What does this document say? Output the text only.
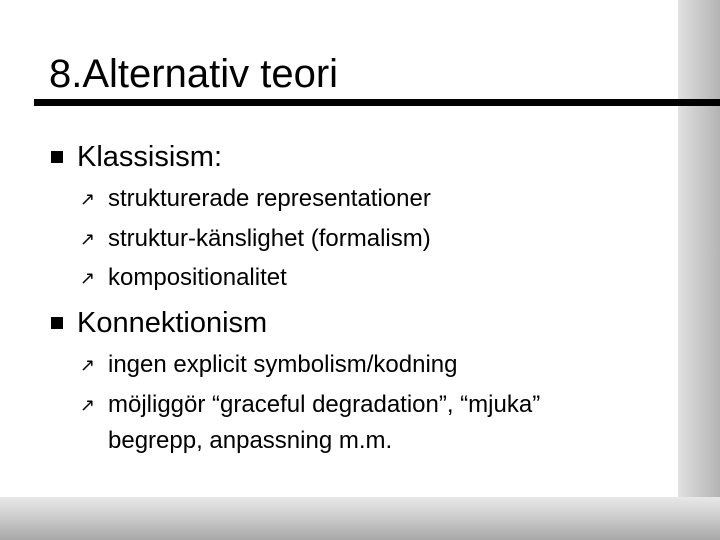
8.Alternativ teori
Klassisism:
↗ strukturerade representationer
↗ struktur-känslighet (formalism)
↗ kompositionalitet
Konnektionism
↗ ingen explicit symbolism/kodning
↗ möjliggör “graceful degradation”, “mjuka”
begrepp, anpassning m.m.
